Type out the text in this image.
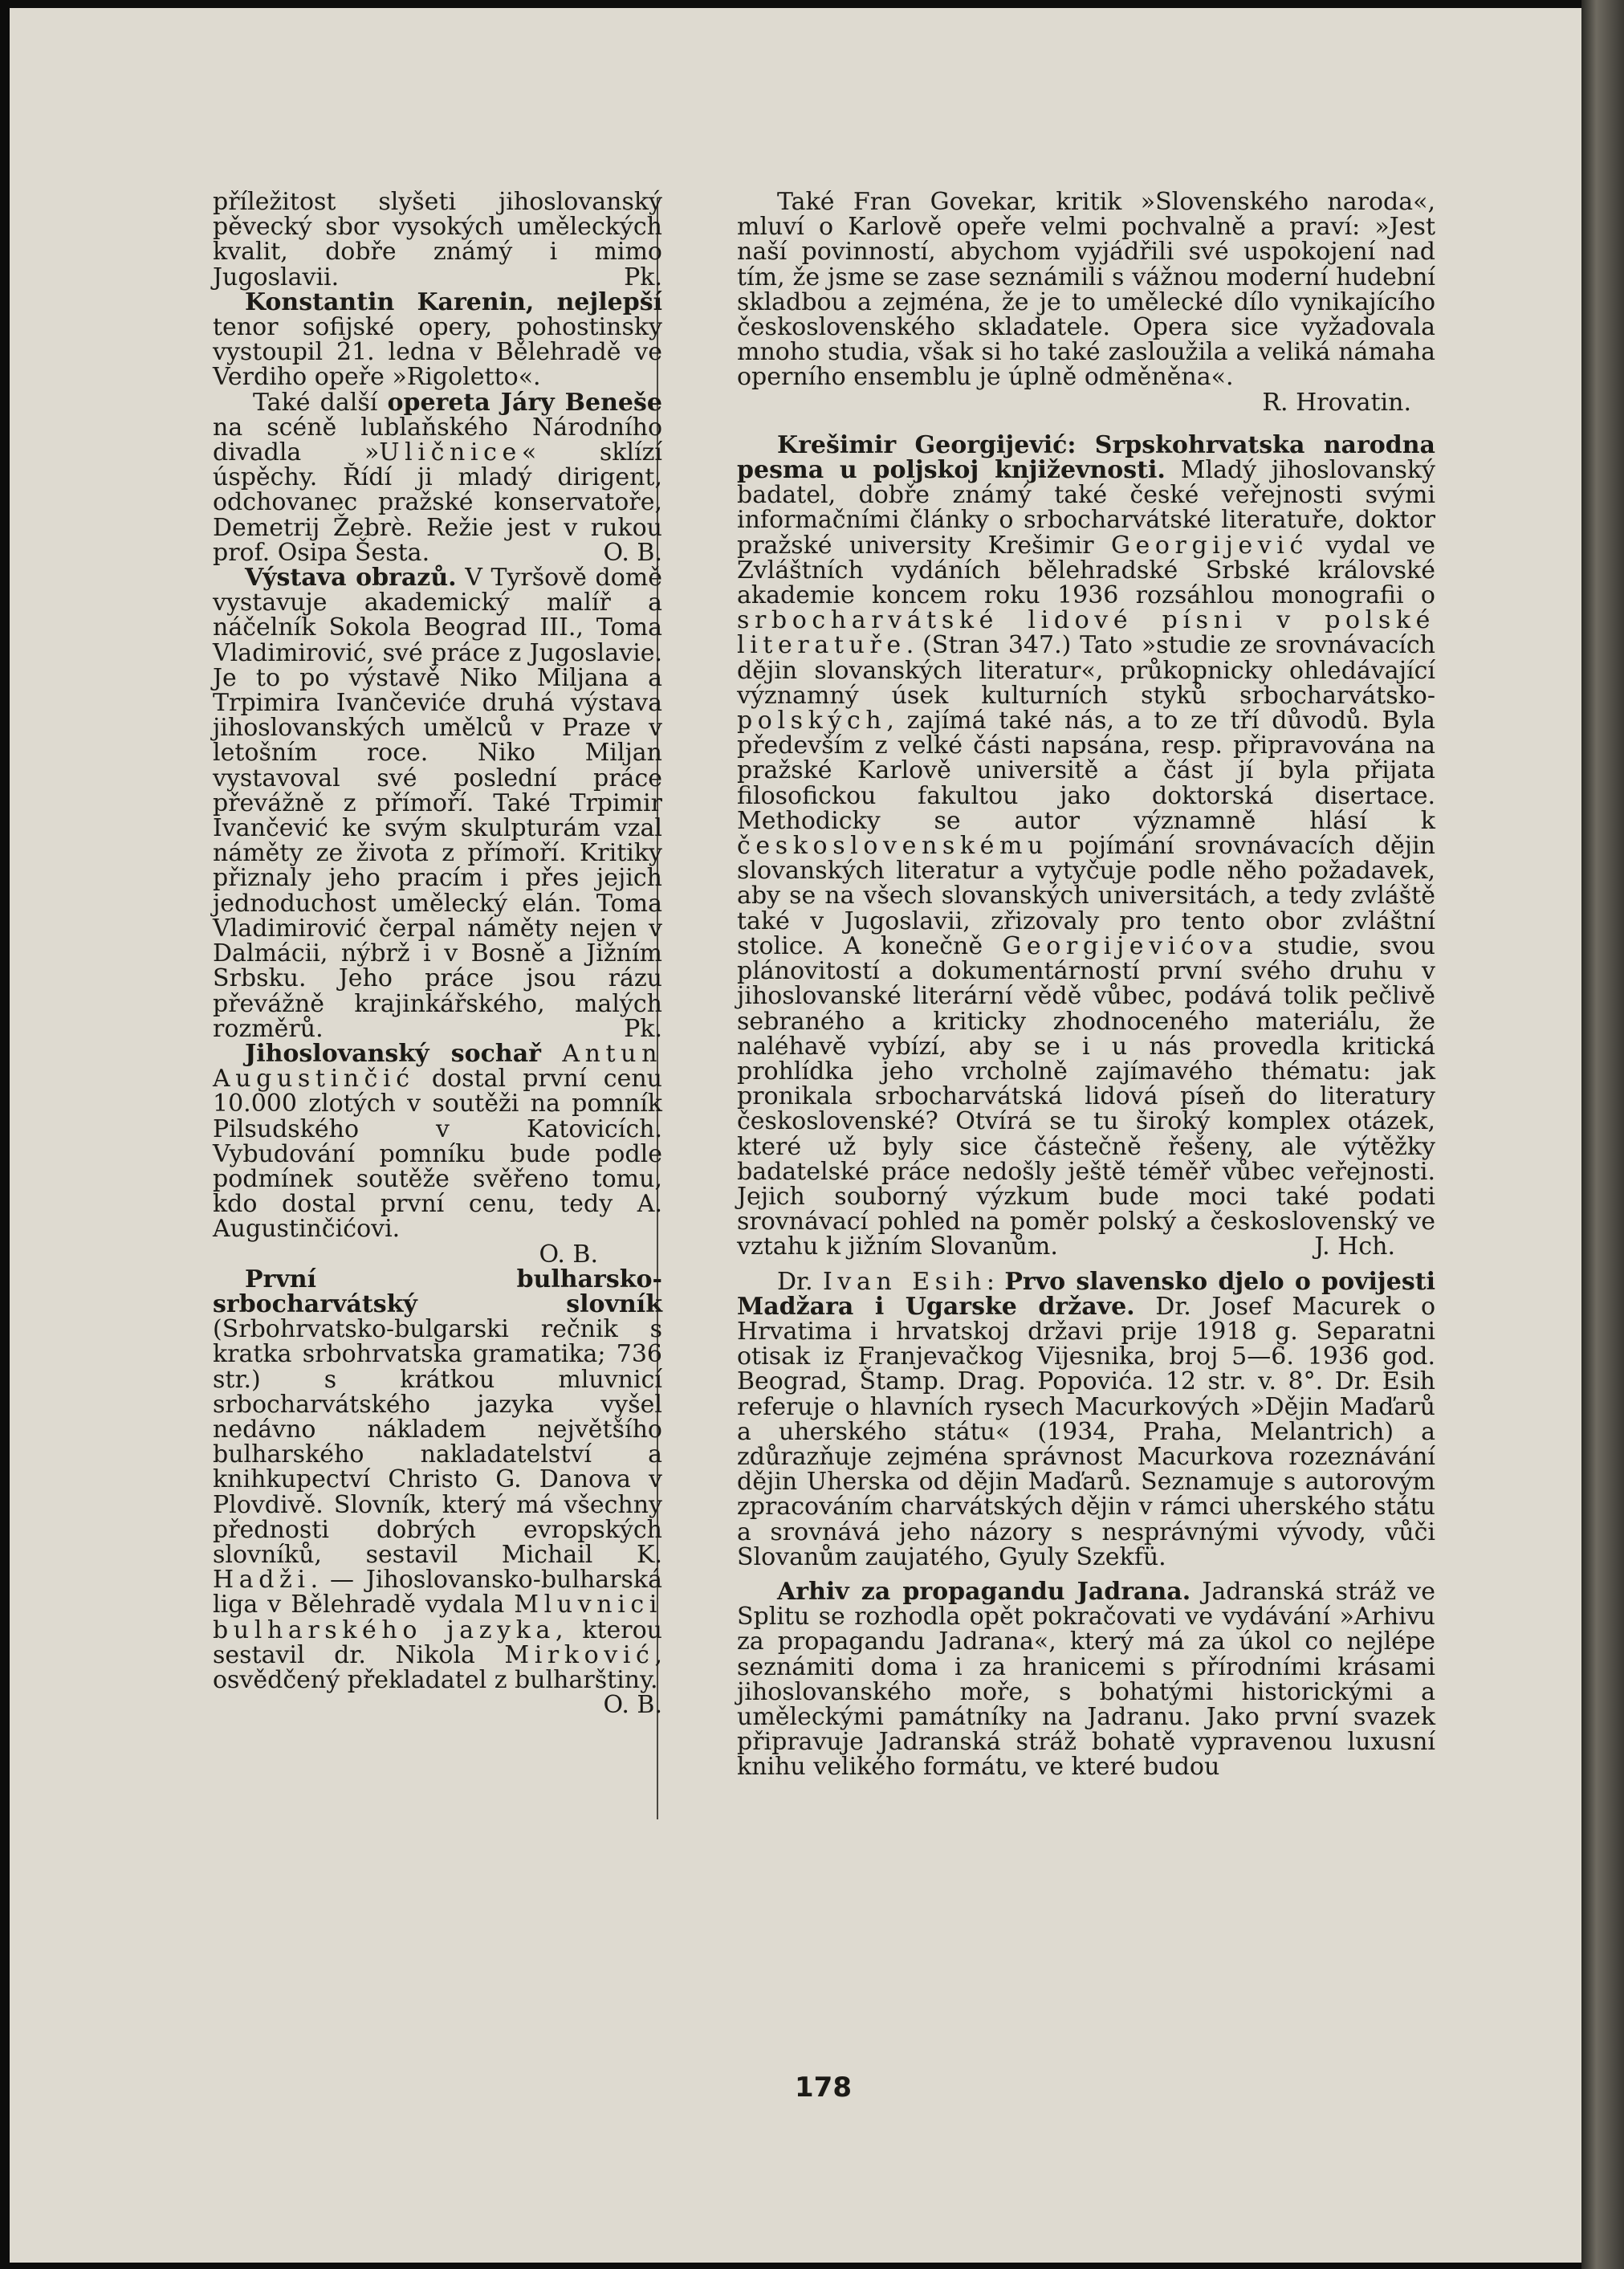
příležitost slyšeti jihoslovanský pěvecký sbor vysokých uměleckých kvalit, dobře známý i mimo Jugoslavii.	Pk.

Konstantin Karenin, nejlepší tenor sofijské opery, pohostinsky vystoupil 21. ledna v Bělehradě ve Verdiho opeře »Rigoletto«.

Také další opereta Járy Beneše na scéně lublaňského Národního divadla »Uličnice« sklízí úspěchy. Řídí ji mladý dirigent, odchovanec pražské konservatoře, Demetrij Žebrè. Režie jest v rukou prof. Osipa Šesta.	O. B.

Výstava obrazů. V Tyršově domě vystavuje akademický malíř a náčelník Sokola Beograd III., Toma Vladimirović, své práce z Jugoslavie. Je to po výstavě Niko Miljana a Trpimira Ivančeviće druhá výstava jihoslovanských umělců v Praze v letošním roce. Niko Miljan vystavoval své poslední práce převážně z přímoří. Také Trpimir Ivančević ke svým skulpturám vzal náměty ze života z přímoří. Kritiky přiznaly jeho pracím i přes jejich jednoduchost umělecký elán. Toma Vladimirović čerpal náměty nejen v Dalmácii, nýbrž i v Bosně a Jižním Srbsku. Jeho práce jsou rázu převážně krajinkářského, malých rozměrů.	Pk.

Jihoslovanský sochař Antun Augustinčić dostal první cenu 10.000 zlotých v soutěži na pomník Pilsudského v Katovicích. Vybudování pomníku bude podle podmínek soutěže svěřeno tomu, kdo dostal první cenu, tedy A. Augustinčićovi.

O. B.

První bulharsko-srbocharvátský slovník (Srbohrvatsko-bulgarski rečnik s kratka srbohrvatska gramatika; 736 str.) s krátkou mluvnicí srbocharvátského jazyka vyšel nedávno nákladem největšího bulharského nakladatelství a knihkupectví Christo G. Danova v Plovdivě. Slovník, který má všechny přednosti dobrých evropských slovníků, sestavil Michail K. Hadži. — Jihoslovansko-bulharská liga v Bělehradě vydala Mluvnici bulharského jazyka, kterou sestavil dr. Nikola Mirković, osvědčený překladatel z bulharštiny.
O. B.

Také Fran Govekar, kritik »Slovenského naroda«, mluví o Karlově opeře velmi pochvalně a praví: »Jest naší povinností, abychom vyjádřili své uspokojení nad tím, že jsme se zase seznámili s vážnou moderní hudební skladbou a zejména, že je to umělecké dílo vynikajícího československého skladatele. Opera sice vyžadovala mnoho studia, však si ho také zasloužila a veliká námaha operního ensemblu je úplně odměněna«.
R. Hrovatin.

Krešimir Georgijević: Srpskohrvatska narodna pesma u poljskoj književnosti. Mladý jihoslovanský badatel, dobře známý také české veřejnosti svými informačními články o srbocharvátské literatuře, doktor pražské university Krešimir Georgijević vydal ve Zvláštních vydáních bělehradské Srbské královské akademie koncem roku 1936 rozsáhlou monografii o srbocharvátské lidové písni v polské literatuře. (Stran 347.) Tato »studie ze srovnávacích dějin slovanských literatur«, průkopnicky ohledávající významný úsek kulturních styků srbocharvátsko-polských, zajímá také nás, a to ze tří důvodů. Byla především z velké části napsána, resp. připravována na pražské Karlově universitě a část jí byla přijata filosofickou fakultou jako doktorská disertace. Methodicky se autor významně hlásí k československému pojímání srovnávacích dějin slovanských literatur a vytyčuje podle něho požadavek, aby se na všech slovanských universitách, a tedy zvláště také v Jugoslavii, zřizovaly pro tento obor zvláštní stolice. A konečně Georgijevićova studie, svou plánovitostí a dokumentárností první svého druhu v jihoslovanské literární vědě vůbec, podává tolik pečlivě sebraného a kriticky zhodnoceného materiálu, že naléhavě vybízí, aby se i u nás provedla kritická prohlídka jeho vrcholně zajímavého thématu: jak pronikala srbocharvátská lidová píseň do literatury československé? Otvírá se tu široký komplex otázek, které už byly sice částečně řešeny, ale výtěžky badatelské práce nedošly ještě téměř vůbec veřejnosti. Jejich souborný výzkum bude moci také podati srovnávací pohled na poměr polský a československý ve vztahu k jižním Slovanům.	J. Hch.

Dr. Ivan Esih: Prvo slavensko djelo o povijesti Madžara i Ugarske države. Dr. Josef Macurek o Hrvatima i hrvatskoj državi prije 1918 g. Separatni otisak iz Franjevačkog Vijesnika, broj 5—6. 1936 god. Beograd, Štamp. Drag. Popovića. 12 str. v. 8°. Dr. Esih referuje o hlavních rysech Macurkových »Dějin Maďarů a uherského státu« (1934, Praha, Melantrich) a zdůrazňuje zejména správnost Macurkova rozeznávání dějin Uherska od dějin Maďarů. Seznamuje s autorovým zpracováním charvátských dějin v rámci uherského státu a srovnává jeho názory s nesprávnými vývody, vůči Slovanům zaujatého, Gyuly Szekfü.

Arhiv za propagandu Jadrana. Jadranská stráž ve Splitu se rozhodla opět pokračovati ve vydávání »Arhivu za propagandu Jadrana«, který má za úkol co nejlépe seznámiti doma i za hranicemi s přírodními krásami jihoslovanského moře, s bohatými historickými a uměleckými památníky na Jadranu. Jako první svazek připravuje Jadranská stráž bohatě vypravenou luxusní knihu velikého formátu, ve které budou

178
